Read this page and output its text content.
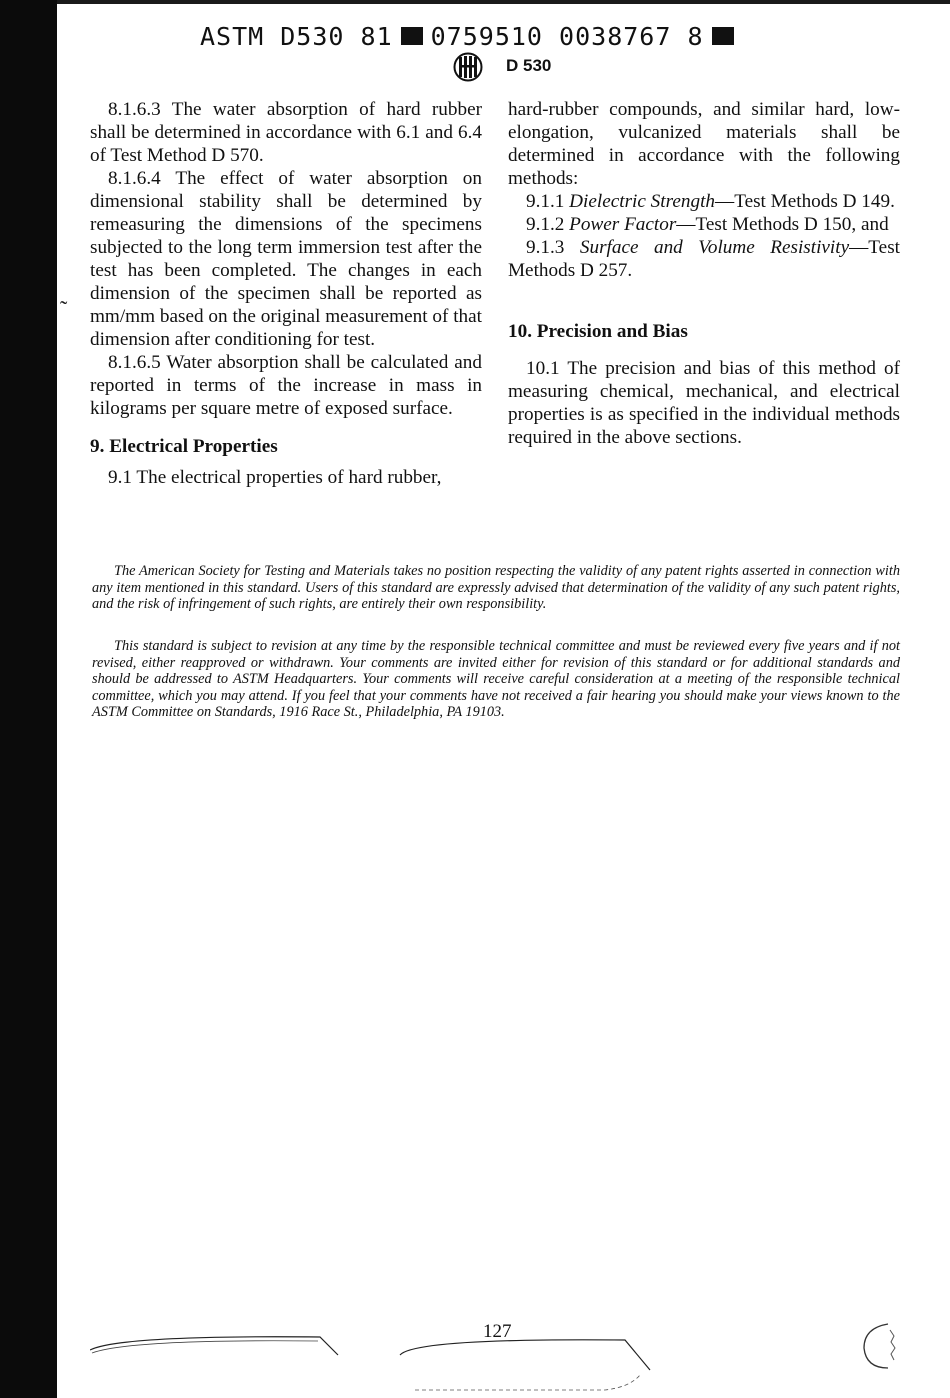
ASTM D530 81 0759510 0038767 8
D 530

8.1.6.3 The water absorption of hard rubber shall be determined in accordance with 6.1 and 6.4 of Test Method D 570.

8.1.6.4 The effect of water absorption on dimensional stability shall be determined by remeasuring the dimensions of the specimens subjected to the long term immersion test after the test has been completed. The changes in each dimension of the specimen shall be reported as mm/mm based on the original measurement of that dimension after conditioning for test.

8.1.6.5 Water absorption shall be calculated and reported in terms of the increase in mass in kilograms per square metre of exposed surface.

9. Electrical Properties

9.1 The electrical properties of hard rubber,

hard-rubber compounds, and similar hard, low-elongation, vulcanized materials shall be determined in accordance with the following methods:

9.1.1 Dielectric Strength—Test Methods D 149.

9.1.2 Power Factor—Test Methods D 150, and

9.1.3 Surface and Volume Resistivity—Test Methods D 257.

10. Precision and Bias

10.1 The precision and bias of this method of measuring chemical, mechanical, and electrical properties is as specified in the individual methods required in the above sections.

The American Society for Testing and Materials takes no position respecting the validity of any patent rights asserted in connection with any item mentioned in this standard. Users of this standard are expressly advised that determination of the validity of any such patent rights, and the risk of infringement of such rights, are entirely their own responsibility.

This standard is subject to revision at any time by the responsible technical committee and must be reviewed every five years and if not revised, either reapproved or withdrawn. Your comments are invited either for revision of this standard or for additional standards and should be addressed to ASTM Headquarters. Your comments will receive careful consideration at a meeting of the responsible technical committee, which you may attend. If you feel that your comments have not received a fair hearing you should make your views known to the ASTM Committee on Standards, 1916 Race St., Philadelphia, PA 19103.

127
˜
